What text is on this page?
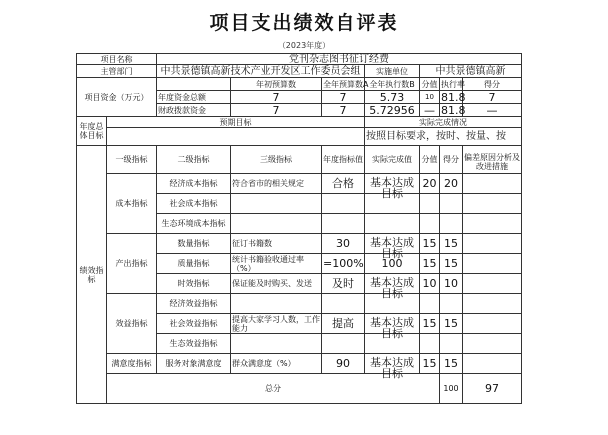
项目支出绩效自评表
（2023年度）
项目名称		党刊杂志图书征订经费							
主管部门		中共景德镇高新技术产业开发区工作委员会组			实施单位	中共景德镇高新			
项目资金（万元）			年初预算数	全年预算数A	全年执行数B	分值	执行率	得分	
		年度资金总额	7	7	5.73	10	81.8	7	
		财政拨款资金	7	7	5.72956	—	81.8	—	
年度总体目标	预期目标				实际完成情况				
					按照目标要求，按时、按量、按				
绩效指标	一级指标	二级指标	三级指标	年度指标值	实际完成值	分值	得分	偏差原因分析及改进措施	

	成本指标	经济成本指标	符合省市的相关规定	合格	基本达成目标	20	20		
		社会成本指标							
		生态环境成本指标							
	产出指标	数量指标	征订书籍数	30	基本达成目标	15	15		
		质量指标	统计书籍验收通过率（%）	=100%	100	15	15		
		时效指标	保证能及时购买、发送	及时	基本达成目标	10	10		
	效益指标	经济效益指标							
		社会效益指标	提高大家学习人数，工作能力	提高	基本达成目标	15	15		
		生态效益指标							
	满意度指标	服务对象满意度	群众满意度（%）	90	基本达成目标	15	15		
	总分						100	97	
